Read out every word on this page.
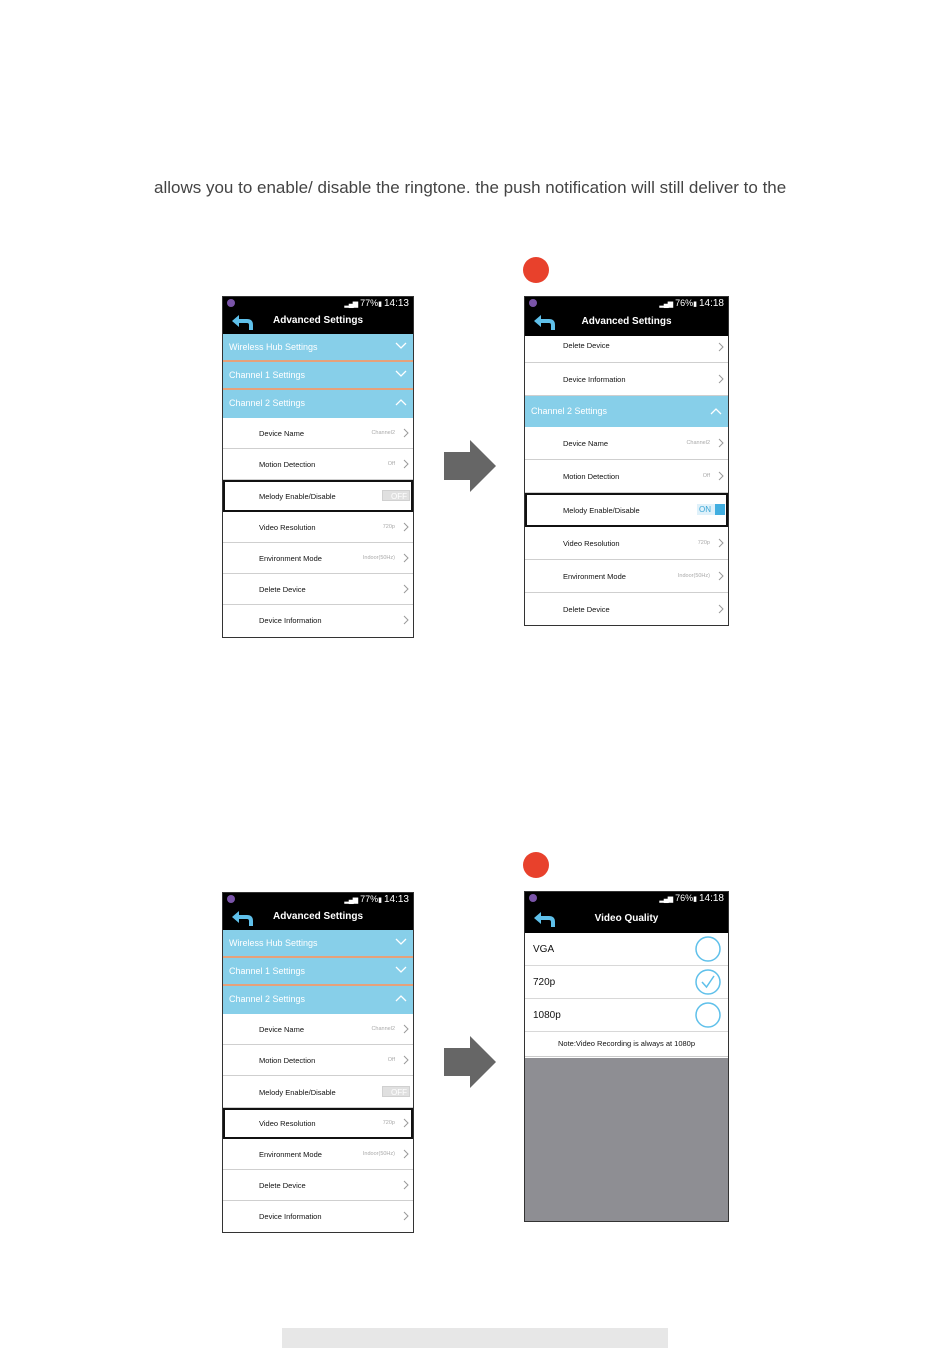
allows you to enable/ disable the ringtone. the push notification will still deliver to the
▂▄▆ 77%▮ 14:13
Advanced Settings
Wireless Hub Settings
Channel 1 Settings
Channel 2 Settings
Device Name	Channel2
Motion Detection	Off
Melody Enable/Disable	OFF
Video Resolution	720p
Environment Mode	Indoor(50Hz)
Delete Device
Device Information
▂▄▆ 76%▮ 14:18
Advanced Settings
Delete Device
Device Information
Channel 2 Settings
Device Name	Channel2
Motion Detection	Off
Melody Enable/Disable	ON
Video Resolution	720p
Environment Mode	Indoor(50Hz)
Delete Device
▂▄▆ 77%▮ 14:13
Advanced Settings
Wireless Hub Settings
Channel 1 Settings
Channel 2 Settings
Device Name	Channel2
Motion Detection	Off
Melody Enable/Disable	OFF
Video Resolution	720p
Environment Mode	Indoor(50Hz)
Delete Device
Device Information
▂▄▆ 76%▮ 14:18
Video Quality
VGA
720p
1080p
Note:Video Recording is always at 1080p
